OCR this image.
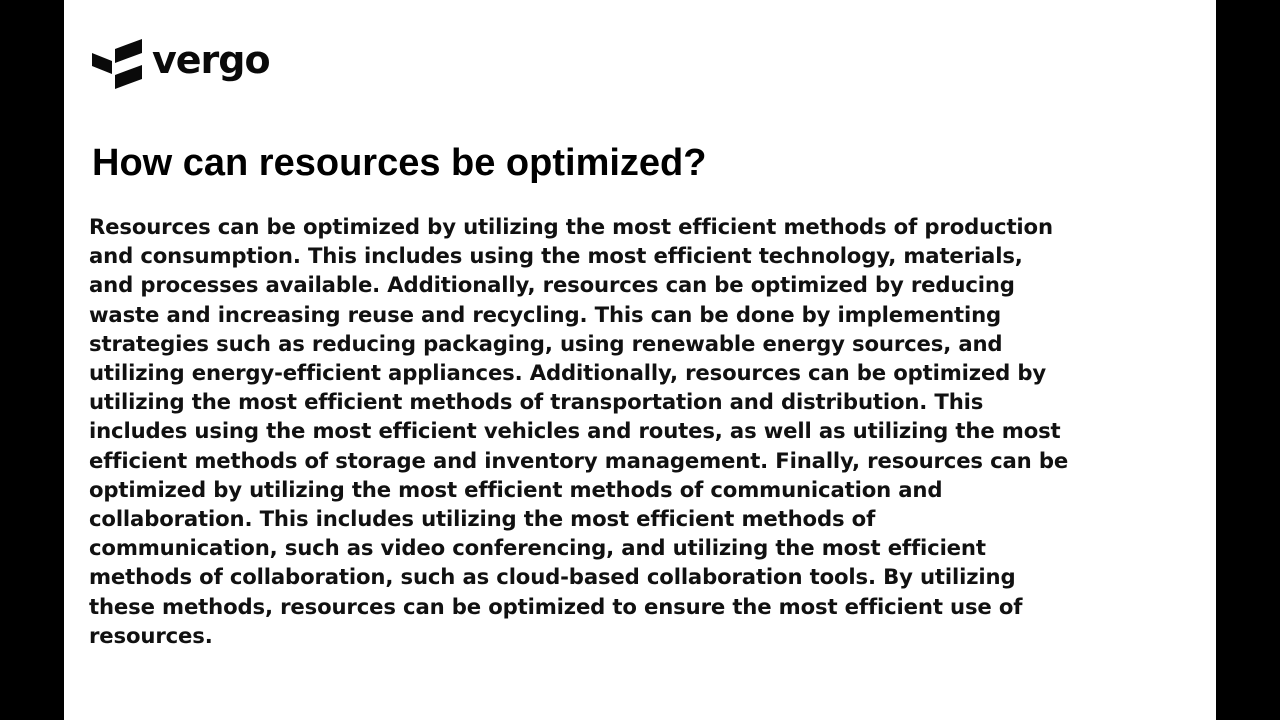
vergo
How can resources be optimized?

Resources can be optimized by utilizing the most efficient methods of production
and consumption. This includes using the most efficient technology, materials,
and processes available. Additionally, resources can be optimized by reducing
waste and increasing reuse and recycling. This can be done by implementing
strategies such as reducing packaging, using renewable energy sources, and
utilizing energy-efficient appliances. Additionally, resources can be optimized by
utilizing the most efficient methods of transportation and distribution. This
includes using the most efficient vehicles and routes, as well as utilizing the most
efficient methods of storage and inventory management. Finally, resources can be
optimized by utilizing the most efficient methods of communication and
collaboration. This includes utilizing the most efficient methods of
communication, such as video conferencing, and utilizing the most efficient
methods of collaboration, such as cloud-based collaboration tools. By utilizing
these methods, resources can be optimized to ensure the most efficient use of
resources.
